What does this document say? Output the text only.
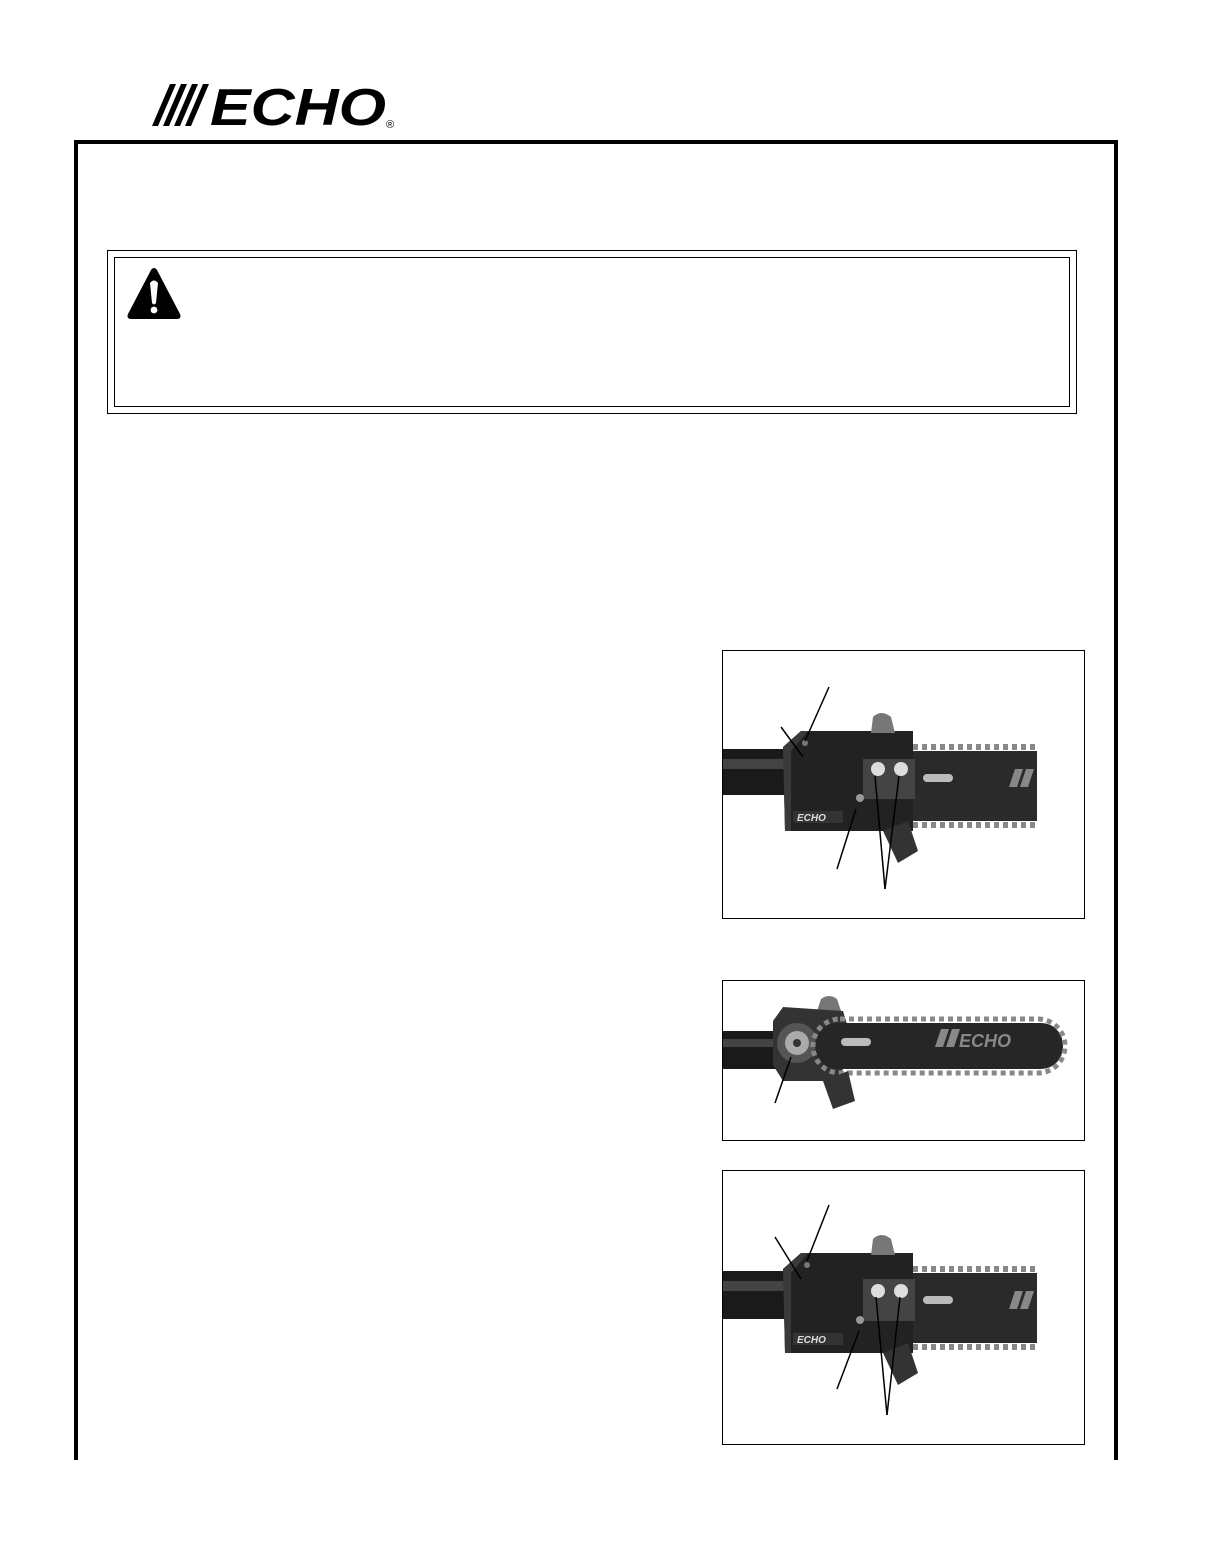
ECHO ®
ECHO
ECHO
ECHO
